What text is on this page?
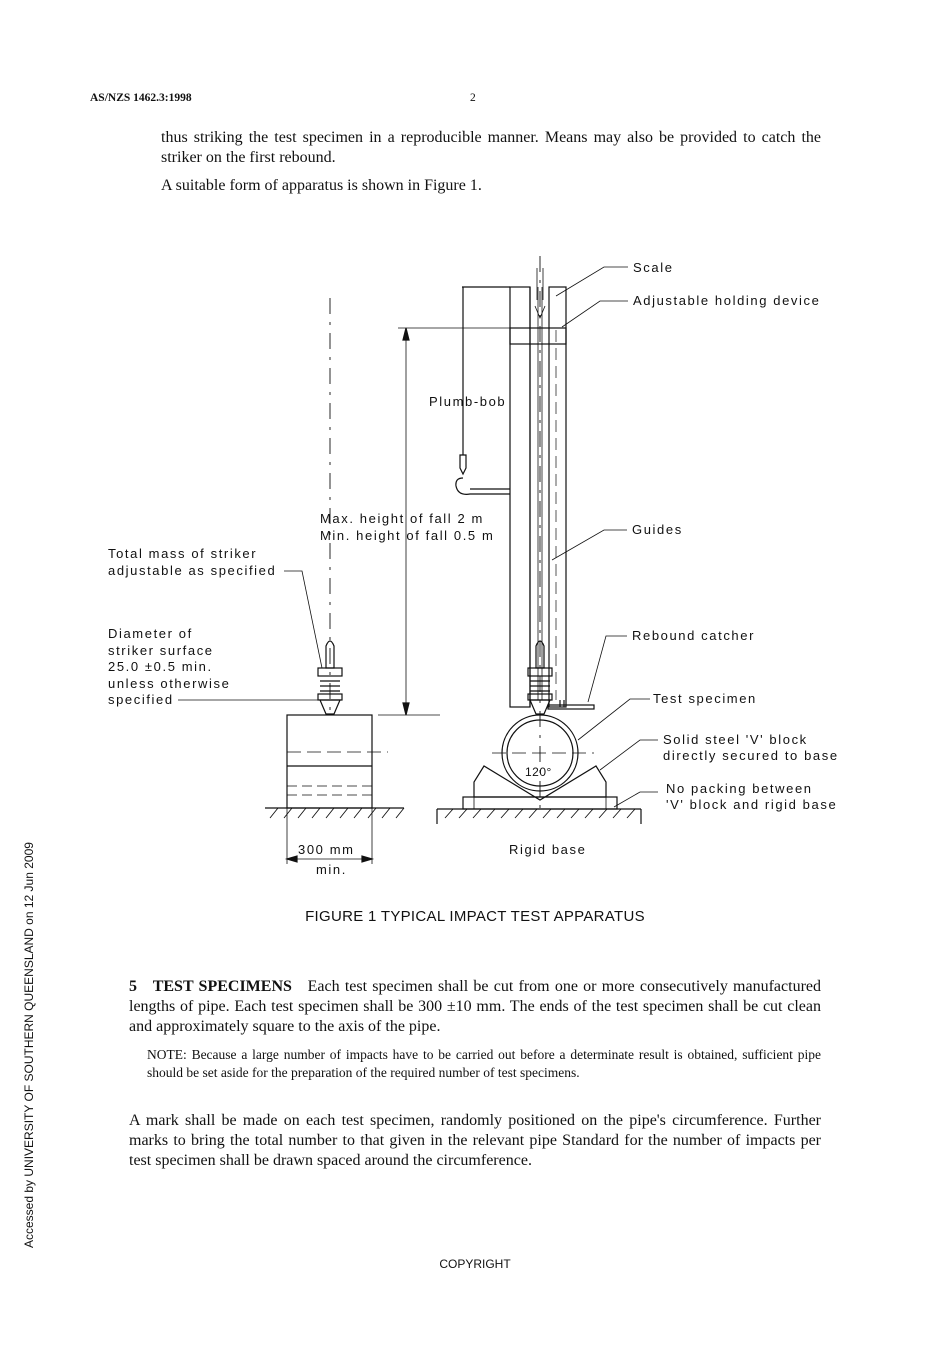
AS/NZS 1462.3:1998	2
thus striking the test specimen in a reproducible manner. Means may also be provided to catch the striker on the first rebound.
A suitable form of apparatus is shown in Figure 1.
Scale
Adjustable holding device
Plumb-bob
Max. height of fall 2 m
Min. height of fall 0.5 m	Guides
Total mass of striker
adjustable as specified
Diameter of
striker surface
25.0 ±0.5 min.
unless otherwise
specified
Rebound catcher
Test specimen
Solid steel 'V' block
directly secured to base
No packing between
'V' block and rigid base
120°
300 mm
min.
Rigid base
FIGURE 1 TYPICAL IMPACT TEST APPARATUS
5 TEST SPECIMENS Each test specimen shall be cut from one or more consecutively manufactured lengths of pipe. Each test specimen shall be 300 ±10 mm. The ends of the test specimen shall be cut clean and approximately square to the axis of the pipe.
NOTE: Because a large number of impacts have to be carried out before a determinate result is obtained, sufficient pipe should be set aside for the preparation of the required number of test specimens.
A mark shall be made on each test specimen, randomly positioned on the pipe's circumference. Further marks to bring the total number to that given in the relevant pipe Standard for the number of impacts per test specimen shall be drawn spaced around the circumference.
Accessed by UNIVERSITY OF SOUTHERN QUEENSLAND on 12 Jun 2009
COPYRIGHT
